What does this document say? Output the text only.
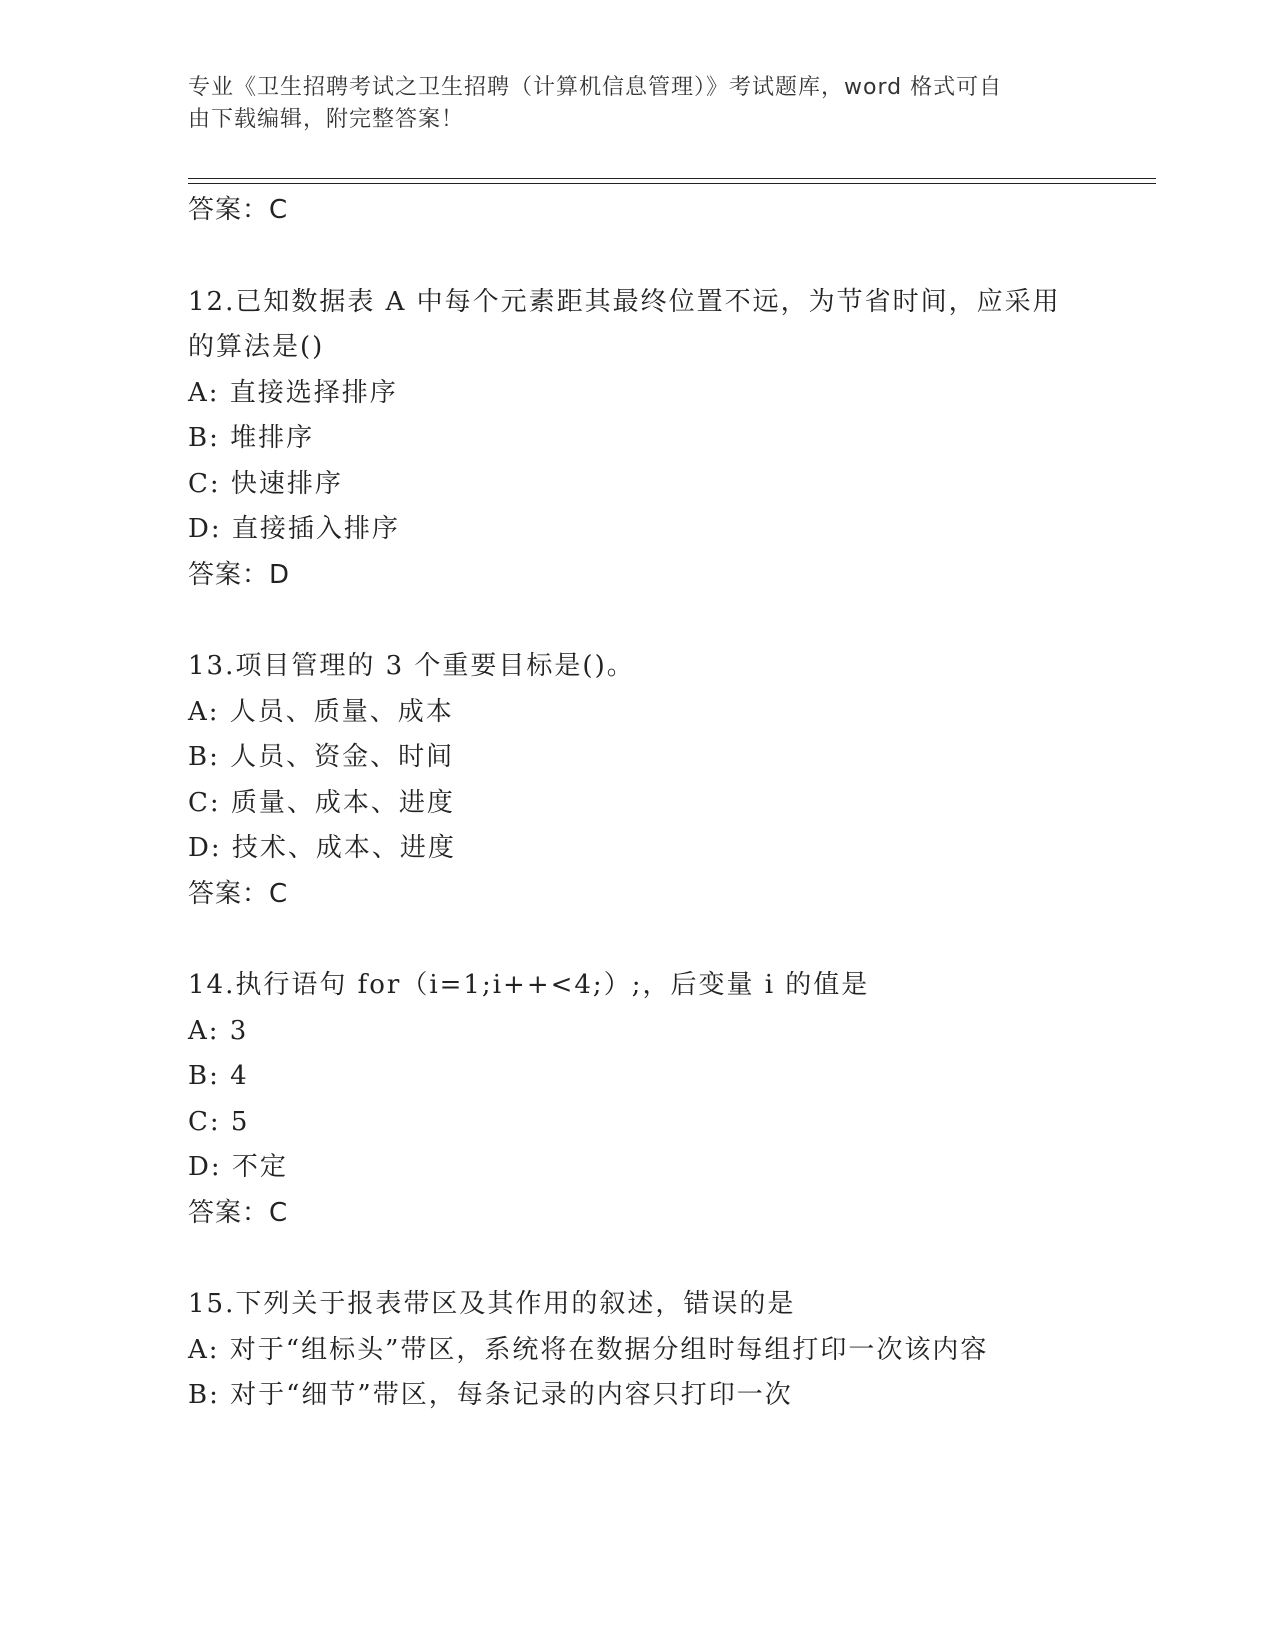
专业《卫生招聘考试之卫生招聘（计算机信息管理）》考试题库，word 格式可自
由下载编辑，附完整答案！
答案：C
12.已知数据表 A 中每个元素距其最终位置不远，为节省时间，应采用
的算法是()
A: 直接选择排序
B: 堆排序
C: 快速排序
D: 直接插入排序
答案：D
13.项目管理的 3 个重要目标是()。
A: 人员、质量、成本
B: 人员、资金、时间
C: 质量、成本、进度
D: 技术、成本、进度
答案：C
14.执行语句 for（i=1;i++<4;）;，后变量 i 的值是
A: 3
B: 4
C: 5
D: 不定
答案：C
15.下列关于报表带区及其作用的叙述，错误的是
A: 对于“组标头”带区，系统将在数据分组时每组打印一次该内容
B: 对于“细节”带区，每条记录的内容只打印一次
